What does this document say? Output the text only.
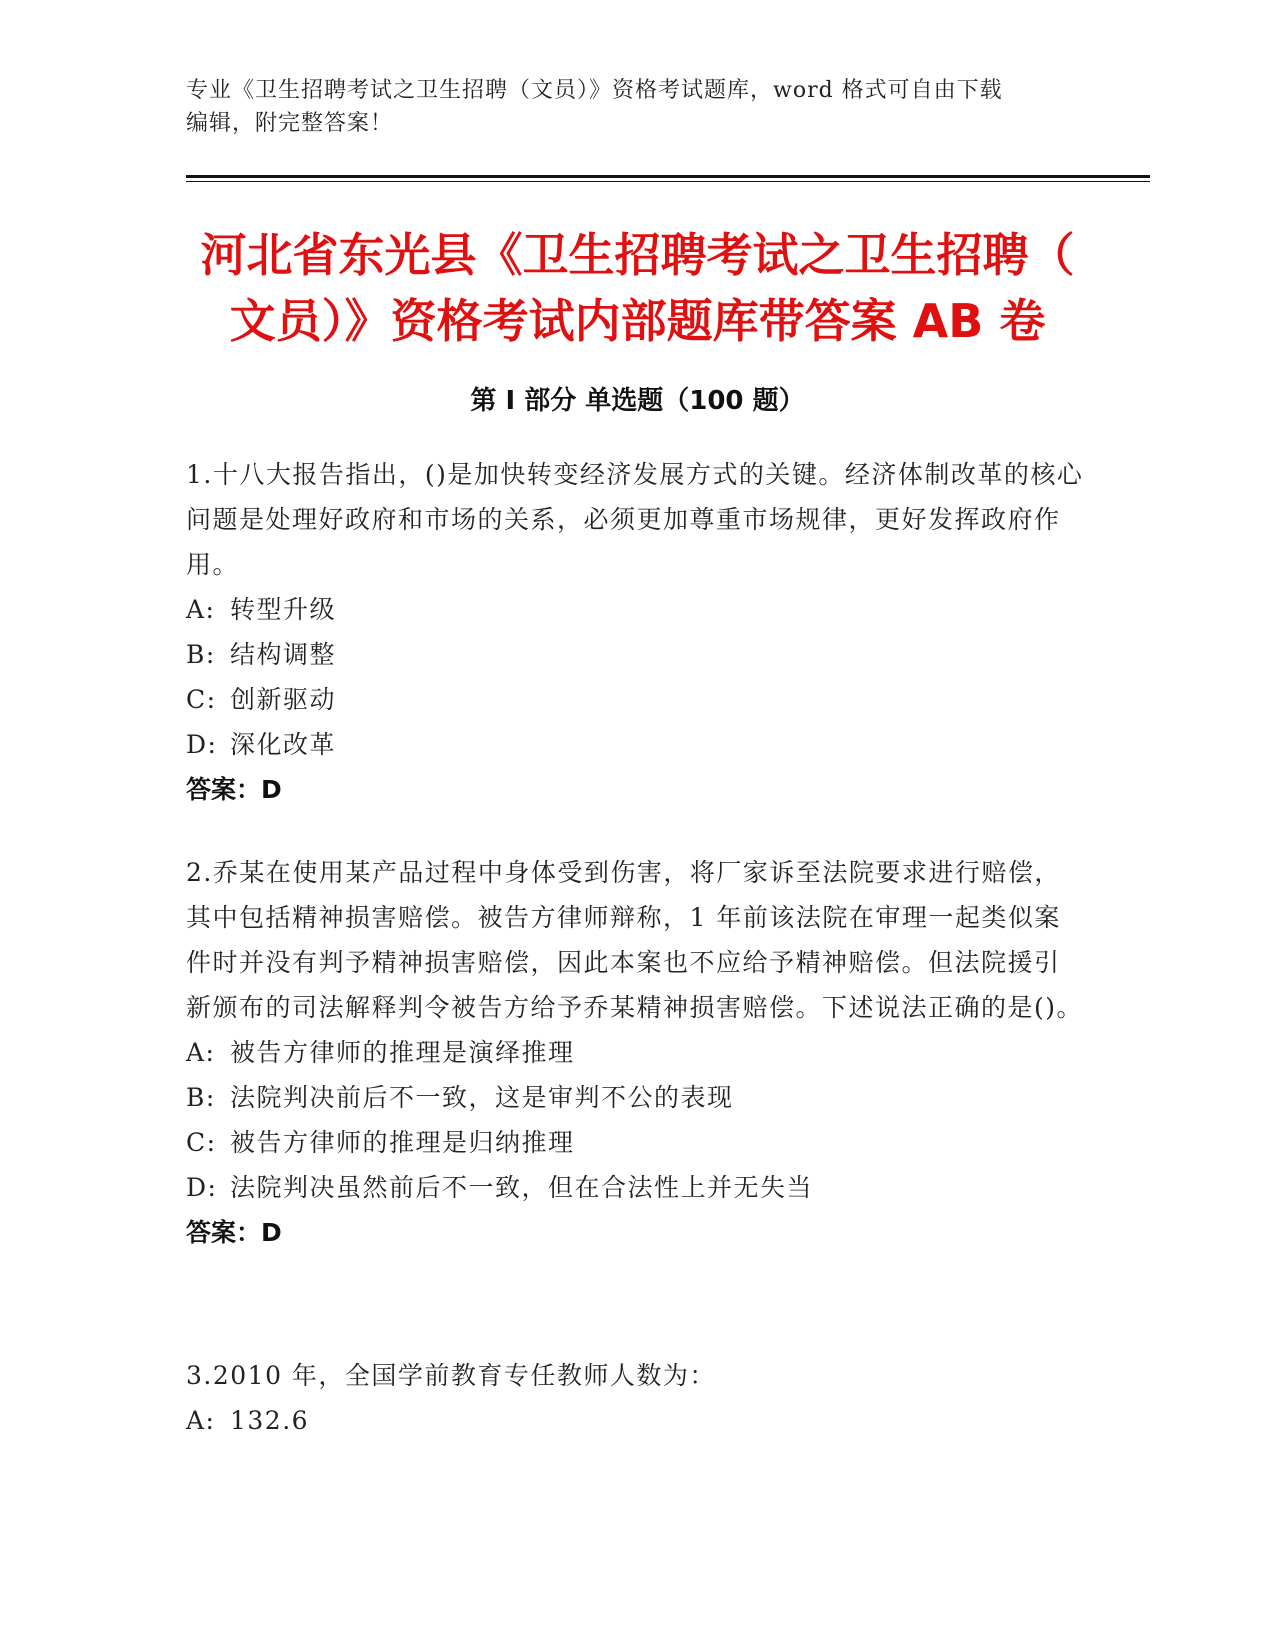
专业《卫生招聘考试之卫生招聘（文员）》资格考试题库，word 格式可自由下载
编辑，附完整答案！
河北省东光县《卫生招聘考试之卫生招聘（
文员）》资格考试内部题库带答案 AB 卷
第 I 部分 单选题（100 题）

1.十八大报告指出，()是加快转变经济发展方式的关键。经济体制改革的核心问题是处理好政府和市场的关系，必须更加尊重市场规律，更好发挥政府作用。

A: 转型升级

B: 结构调整

C: 创新驱动

D: 深化改革

答案：D

2.乔某在使用某产品过程中身体受到伤害，将厂家诉至法院要求进行赔偿，其中包括精神损害赔偿。被告方律师辩称，1 年前该法院在审理一起类似案件时并没有判予精神损害赔偿，因此本案也不应给予精神赔偿。但法院援引新颁布的司法解释判令被告方给予乔某精神损害赔偿。下述说法正确的是()。

A: 被告方律师的推理是演绎推理

B: 法院判决前后不一致，这是审判不公的表现

C: 被告方律师的推理是归纳推理

D: 法院判决虽然前后不一致，但在合法性上并无失当

答案：D

3.2010 年，全国学前教育专任教师人数为：

A: 132.6
